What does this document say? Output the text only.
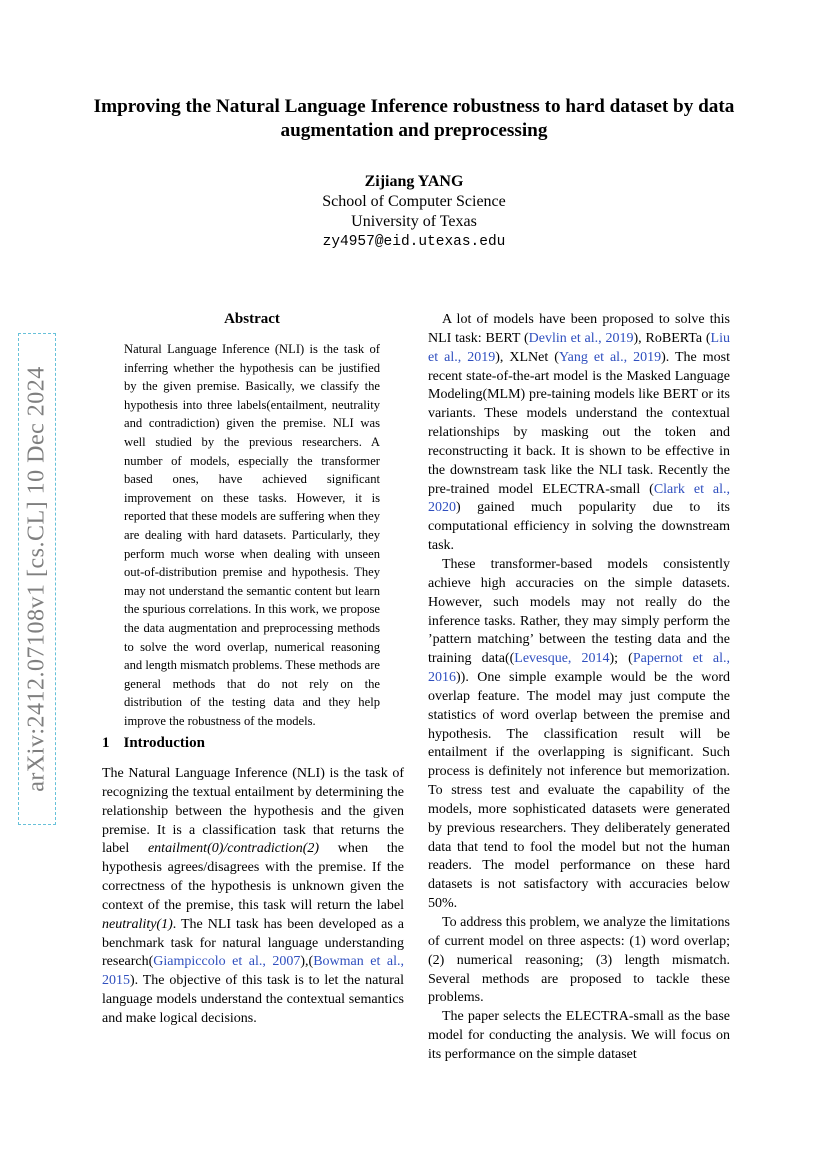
Improving the Natural Language Inference robustness to hard dataset by data augmentation and preprocessing
Zijiang YANG
School of Computer Science
University of Texas
zy4957@eid.utexas.edu
arXiv:2412.07108v1 [cs.CL] 10 Dec 2024
Abstract

Natural Language Inference (NLI) is the task of inferring whether the hypothesis can be justified by the given premise. Basically, we classify the hypothesis into three labels(entailment, neutrality and contradiction) given the premise. NLI was well studied by the previous researchers. A number of models, especially the transformer based ones, have achieved significant improvement on these tasks. However, it is reported that these models are suffering when they are dealing with hard datasets. Particularly, they perform much worse when dealing with unseen out-of-distribution premise and hypothesis. They may not understand the semantic content but learn the spurious correlations. In this work, we propose the data augmentation and preprocessing methods to solve the word overlap, numerical reasoning and length mismatch problems. These methods are general methods that do not rely on the distribution of the testing data and they help improve the robustness of the models.

1 Introduction

The Natural Language Inference (NLI) is the task of recognizing the textual entailment by determining the relationship between the hypothesis and the given premise. It is a classification task that returns the label entailment(0)/contradiction(2) when the hypothesis agrees/disagrees with the premise. If the correctness of the hypothesis is unknown given the context of the premise, this task will return the label neutrality(1). The NLI task has been developed as a benchmark task for natural language understanding research(Giampiccolo et al., 2007),(Bowman et al., 2015). The objective of this task is to let the natural language models understand the contextual semantics and make logical decisions.

A lot of models have been proposed to solve this NLI task: BERT (Devlin et al., 2019), RoBERTa (Liu et al., 2019), XLNet (Yang et al., 2019). The most recent state-of-the-art model is the Masked Language Modeling(MLM) pre-taining models like BERT or its variants. These models understand the contextual relationships by masking out the token and reconstructing it back. It is shown to be effective in the downstream task like the NLI task. Recently the pre-trained model ELECTRA-small (Clark et al., 2020) gained much popularity due to its computational efficiency in solving the downstream task.

These transformer-based models consistently achieve high accuracies on the simple datasets. However, such models may not really do the inference tasks. Rather, they may simply perform the ’pattern matching’ between the testing data and the training data((Levesque, 2014); (Papernot et al., 2016)). One simple example would be the word overlap feature. The model may just compute the statistics of word overlap between the premise and hypothesis. The classification result will be entailment if the overlapping is significant. Such process is definitely not inference but memorization. To stress test and evaluate the capability of the models, more sophisticated datasets were generated by previous researchers. They deliberately generated data that tend to fool the model but not the human readers. The model performance on these hard datasets is not satisfactory with accuracies below 50%.

To address this problem, we analyze the limitations of current model on three aspects: (1) word overlap; (2) numerical reasoning; (3) length mismatch. Several methods are proposed to tackle these problems.

The paper selects the ELECTRA-small as the base model for conducting the analysis. We will focus on its performance on the simple dataset
